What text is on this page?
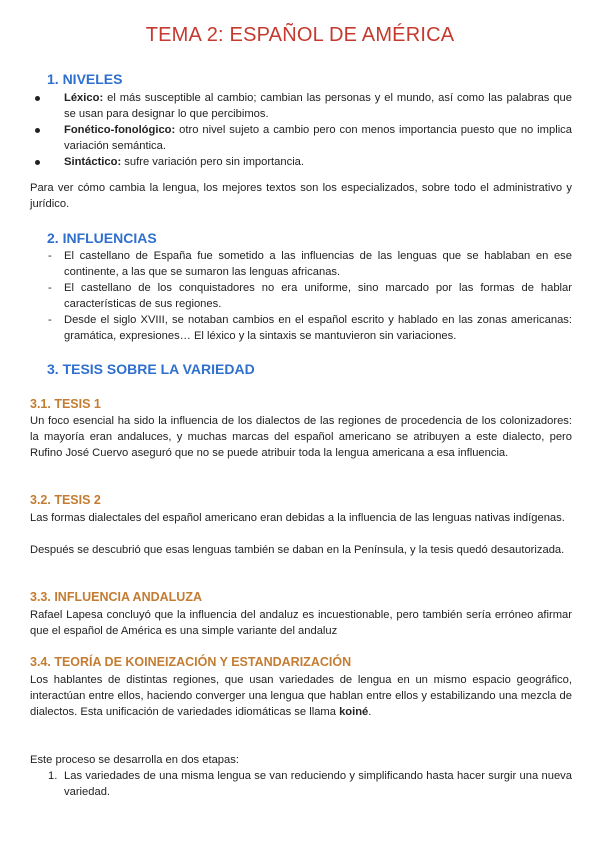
TEMA 2: ESPAÑOL DE AMÉRICA
1. NIVELES
Léxico: el más susceptible al cambio; cambian las personas y el mundo, así como las palabras que se usan para designar lo que percibimos.
Fonético-fonológico: otro nivel sujeto a cambio pero con menos importancia puesto que no implica variación semántica.
Sintáctico: sufre variación pero sin importancia.

Para ver cómo cambia la lengua, los mejores textos son los especializados, sobre todo el administrativo y jurídico.

2. INFLUENCIAS
- El castellano de España fue sometido a las influencias de las lenguas que se hablaban en ese continente, a las que se sumaron las lenguas africanas.
- El castellano de los conquistadores no era uniforme, sino marcado por las formas de hablar características de sus regiones.
- Desde el siglo XVIII, se notaban cambios en el español escrito y hablado en las zonas americanas: gramática, expresiones… El léxico y la sintaxis se mantuvieron sin variaciones.
3. TESIS SOBRE LA VARIEDAD
3.1. TESIS 1

Un foco esencial ha sido la influencia de los dialectos de las regiones de procedencia de los colonizadores: la mayoría eran andaluces, y muchas marcas del español americano se atribuyen a este dialecto, pero Rufino José Cuervo aseguró que no se puede atribuir toda la lengua americana a esa influencia.

3.2. TESIS 2

Las formas dialectales del español americano eran debidas a la influencia de las lenguas nativas indígenas.

Después se descubrió que esas lenguas también se daban en la Península, y la tesis quedó desautorizada.

3.3. INFLUENCIA ANDALUZA

Rafael Lapesa concluyó que la influencia del andaluz es incuestionable, pero también sería erróneo afirmar que el español de América es una simple variante del andaluz

3.4. TEORÍA DE KOINEIZACIÓN Y ESTANDARIZACIÓN

Los hablantes de distintas regiones, que usan variedades de lengua en un mismo espacio geográfico, interactúan entre ellos, haciendo converger una lengua que hablan entre ellos y estabilizando una mezcla de dialectos. Esta unificación de variedades idiomáticas se llama koiné.

Este proceso se desarrolla en dos etapas:

1. Las variedades de una misma lengua se van reduciendo y simplificando hasta hacer surgir una nueva variedad.
